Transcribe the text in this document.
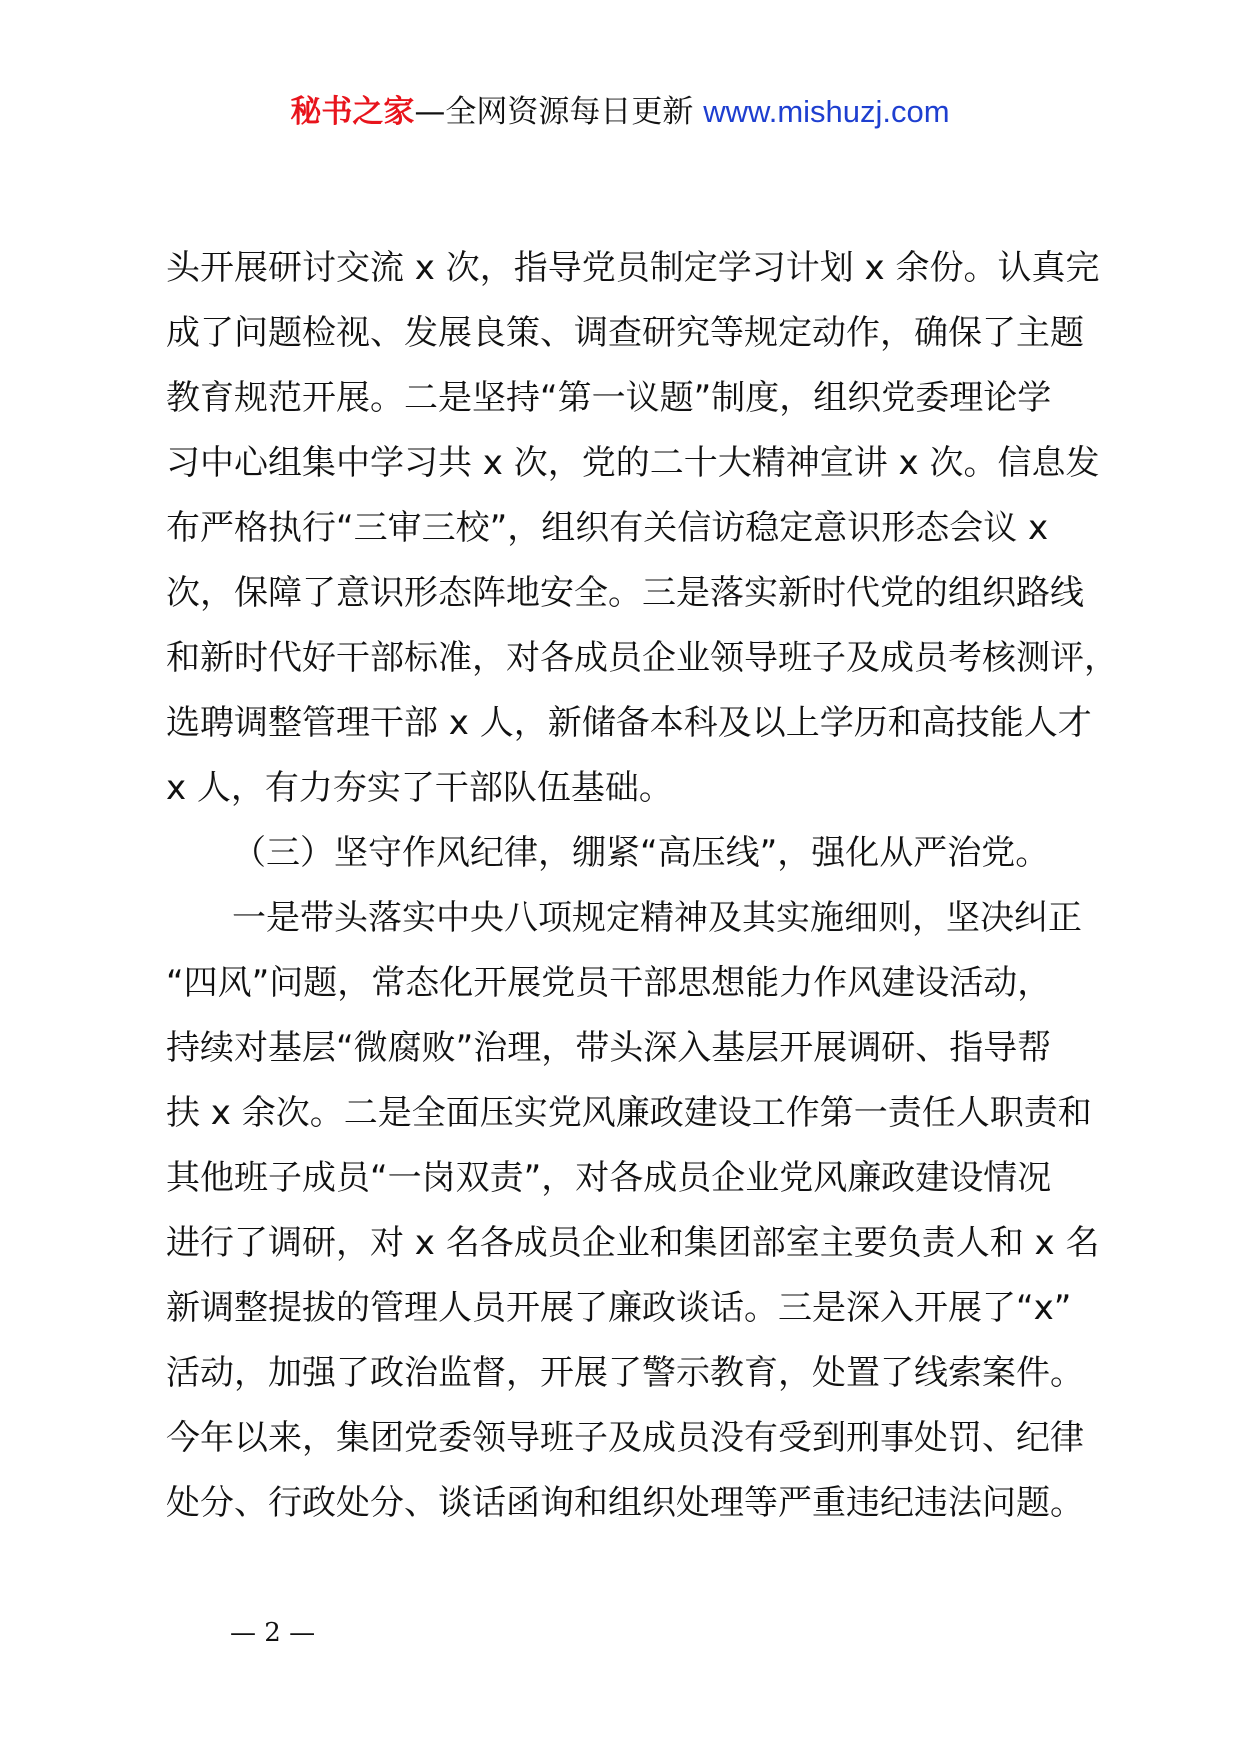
秘书之家—全网资源每日更新 www.mishuzj.com
头开展研讨交流 x 次，指导党员制定学习计划 x 余份。认真完
成了问题检视、发展良策、调查研究等规定动作，确保了主题
教育规范开展。二是坚持“第一议题”制度，组织党委理论学
习中心组集中学习共 x 次，党的二十大精神宣讲 x 次。信息发
布严格执行“三审三校”，组织有关信访稳定意识形态会议 x
次，保障了意识形态阵地安全。三是落实新时代党的组织路线
和新时代好干部标准，对各成员企业领导班子及成员考核测评，
选聘调整管理干部 x 人，新储备本科及以上学历和高技能人才
x 人，有力夯实了干部队伍基础。
（三）坚守作风纪律，绷紧“高压线”，强化从严治党。
一是带头落实中央八项规定精神及其实施细则，坚决纠正
“四风”问题，常态化开展党员干部思想能力作风建设活动，
持续对基层“微腐败”治理，带头深入基层开展调研、指导帮
扶 x 余次。二是全面压实党风廉政建设工作第一责任人职责和
其他班子成员“一岗双责”，对各成员企业党风廉政建设情况
进行了调研，对 x 名各成员企业和集团部室主要负责人和 x 名
新调整提拔的管理人员开展了廉政谈话。三是深入开展了“x”
活动，加强了政治监督，开展了警示教育，处置了线索案件。
今年以来，集团党委领导班子及成员没有受到刑事处罚、纪律
处分、行政处分、谈话函询和组织处理等严重违纪违法问题。
— 2 —
